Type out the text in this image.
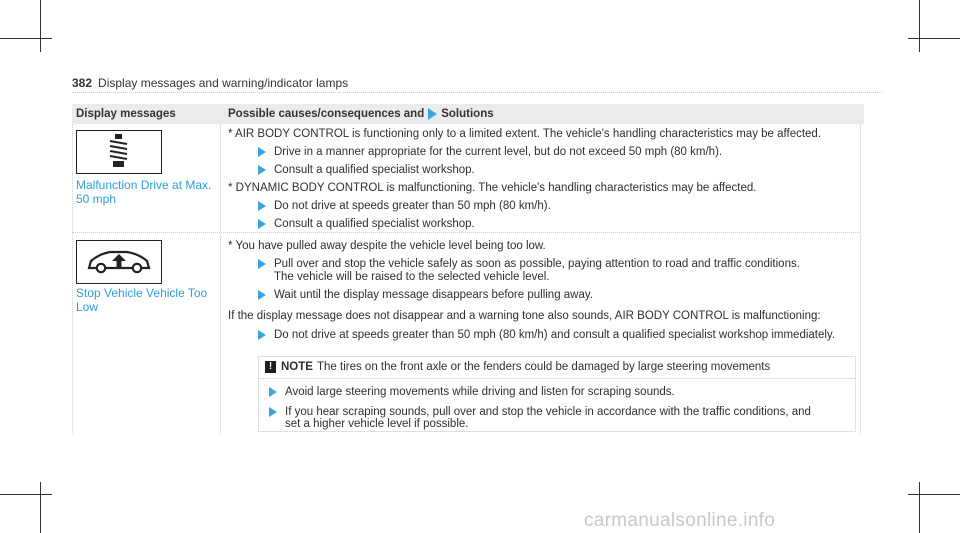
382 Display messages and warning/indicator lamps
Display messages	Possible causes/consequences and Solutions
Malfunction Drive at Max.
50 mph
* AIR BODY CONTROL is functioning only to a limited extent. The vehicle's handling characteristics may be affected.
Drive in a manner appropriate for the current level, but do not exceed 50 mph (80 km/h).
Consult a qualified specialist workshop.
* DYNAMIC BODY CONTROL is malfunctioning. The vehicle's handling characteristics may be affected.
Do not drive at speeds greater than 50 mph (80 km/h).
Consult a qualified specialist workshop.
Stop Vehicle Vehicle Too
Low
* You have pulled away despite the vehicle level being too low.
Pull over and stop the vehicle safely as soon as possible, paying attention to road and traffic conditions.
The vehicle will be raised to the selected vehicle level.
Wait until the display message disappears before pulling away.
If the display message does not disappear and a warning tone also sounds, AIR BODY CONTROL is malfunctioning:
Do not drive at speeds greater than 50 mph (80 km/h) and consult a qualified specialist workshop immediately.
! NOTE The tires on the front axle or the fenders could be damaged by large steering movements
Avoid large steering movements while driving and listen for scraping sounds.
If you hear scraping sounds, pull over and stop the vehicle in accordance with the traffic conditions, and
set a higher vehicle level if possible.
carmanualsonline.info
